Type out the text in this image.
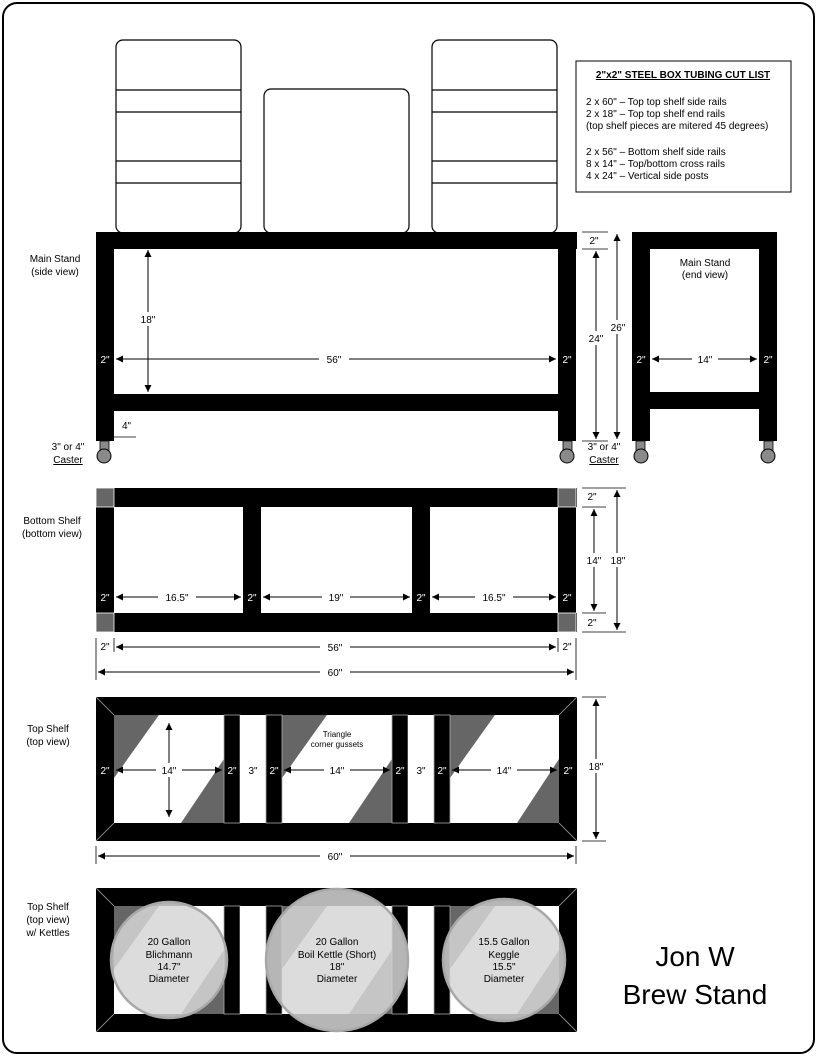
2"x2" STEEL BOX TUBING CUT LIST
2 x 60" – Top top shelf side rails
2 x 18" – Top top shelf end rails
(top shelf pieces are mitered 45 degrees)
2 x 56" – Bottom shelf side rails
8 x 14" – Top/bottom cross rails
4 x 24" – Vertical side posts
Main Stand
(side view)
18"
56"
2"	2"
4"
3" or 4"
Caster
3" or 4"
Caster
2"
24"
26"
Main Stand
(end view)
14"
2"	2"
Bottom Shelf
(bottom view)
16.5"	19"	16.5"
2"	2"	2"	2"
2"
14"
2"
18"
2"	2"
56"
60"
Top Shelf
(top view)
Triangle
corner gussets
14"	14"	14"
2"	2" 3" 2"	2" 3" 2"	2" 18"
60"
Top Shelf
(top view)
w/ Kettles
20 Gallon
Blichmann
14.7"
Diameter
20 Gallon
Boil Kettle (Short)
18"
Diameter
15.5 Gallon
Keggle
15.5"
Diameter
Jon W
Brew Stand
